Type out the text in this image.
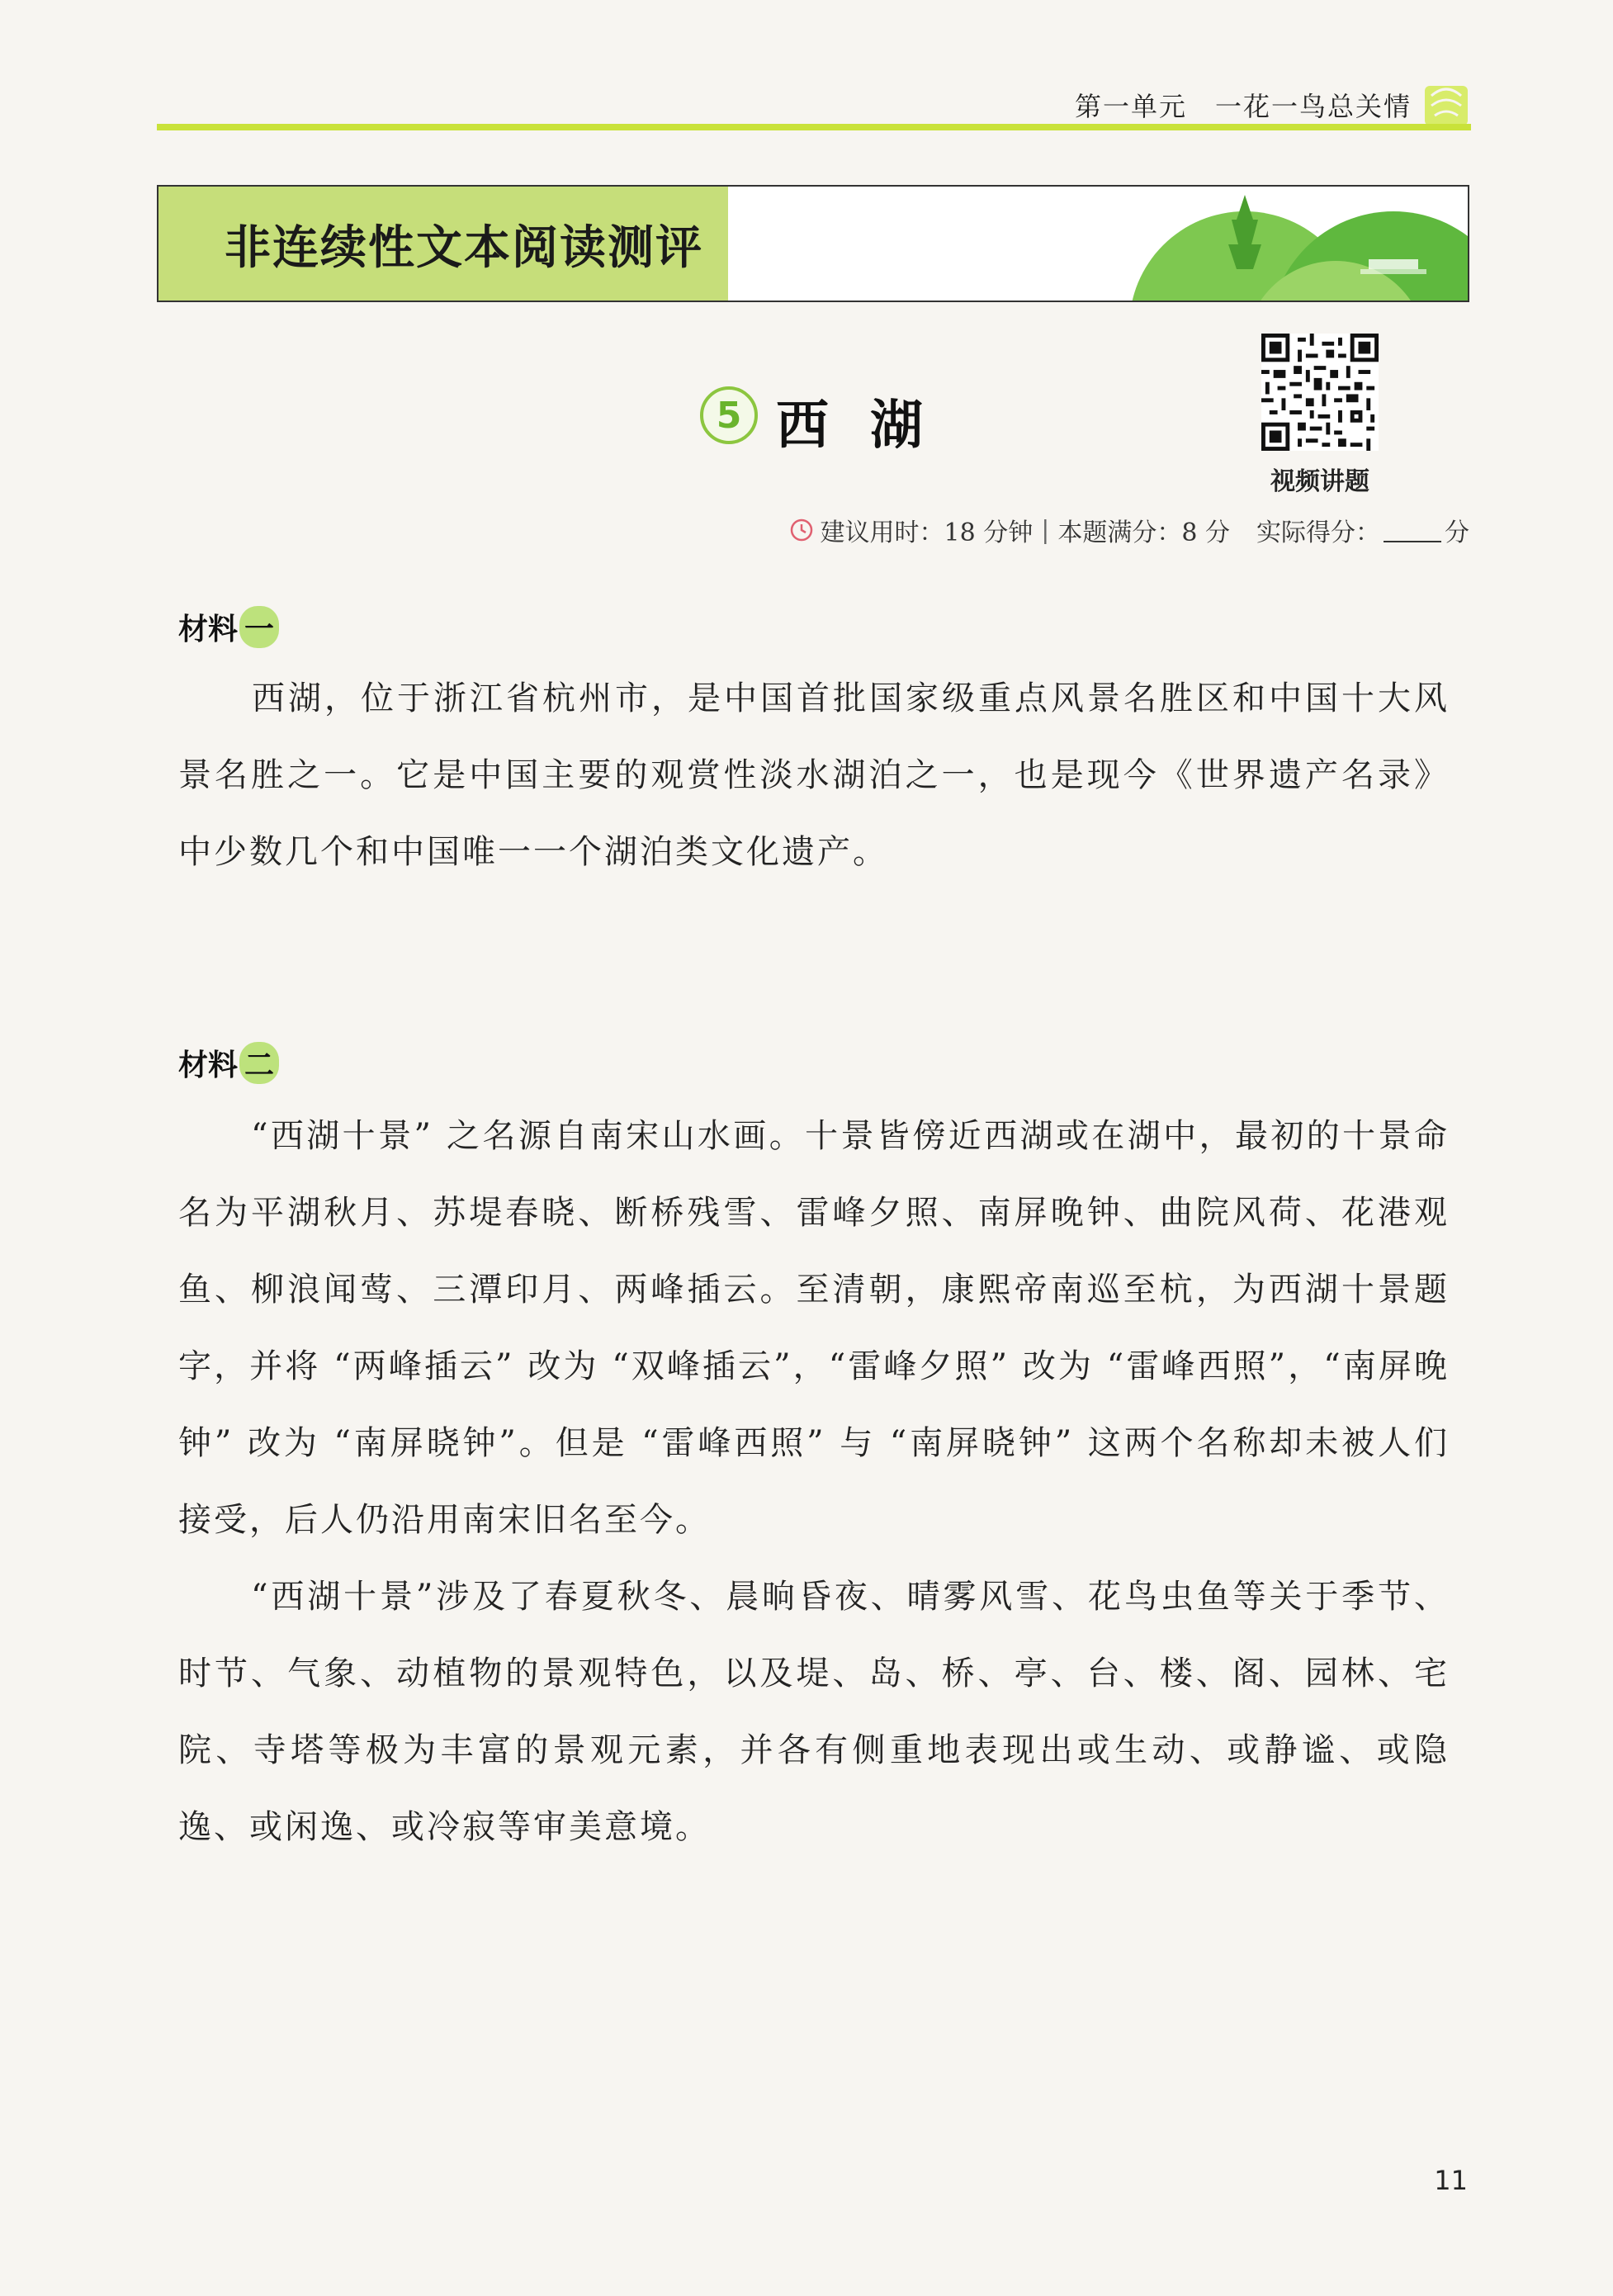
第一单元　一花一鸟总关情
非连续性文本阅读测评
5 西湖
视频讲题
建议用时：18 分钟 | 本题满分：8 分 实际得分：	分
材料 一
西湖，位于浙江省杭州市，是中国首批国家级重点风景名胜区和中国十大风景名胜之一。它是中国主要的观赏性淡水湖泊之一，也是现今《世界遗产名录》中少数几个和中国唯一一个湖泊类文化遗产。
材料 二
“西湖十景” 之名源自南宋山水画。十景皆傍近西湖或在湖中，最初的十景命名为平湖秋月、苏堤春晓、断桥残雪、雷峰夕照、南屏晚钟、曲院风荷、花港观鱼、柳浪闻莺、三潭印月、两峰插云。至清朝，康熙帝南巡至杭，为西湖十景题字，并将 “两峰插云” 改为 “双峰插云”，“雷峰夕照” 改为 “雷峰西照”，“南屏晚钟” 改为 “南屏晓钟”。但是 “雷峰西照” 与 “南屏晓钟” 这两个名称却未被人们接受，后人仍沿用南宋旧名至今。
“西湖十景”涉及了春夏秋冬、晨晌昏夜、晴雾风雪、花鸟虫鱼等关于季节、时节、气象、动植物的景观特色，以及堤、岛、桥、亭、台、楼、阁、园林、宅院、寺塔等极为丰富的景观元素，并各有侧重地表现出或生动、或静谧、或隐逸、或闲逸、或冷寂等审美意境。
11
